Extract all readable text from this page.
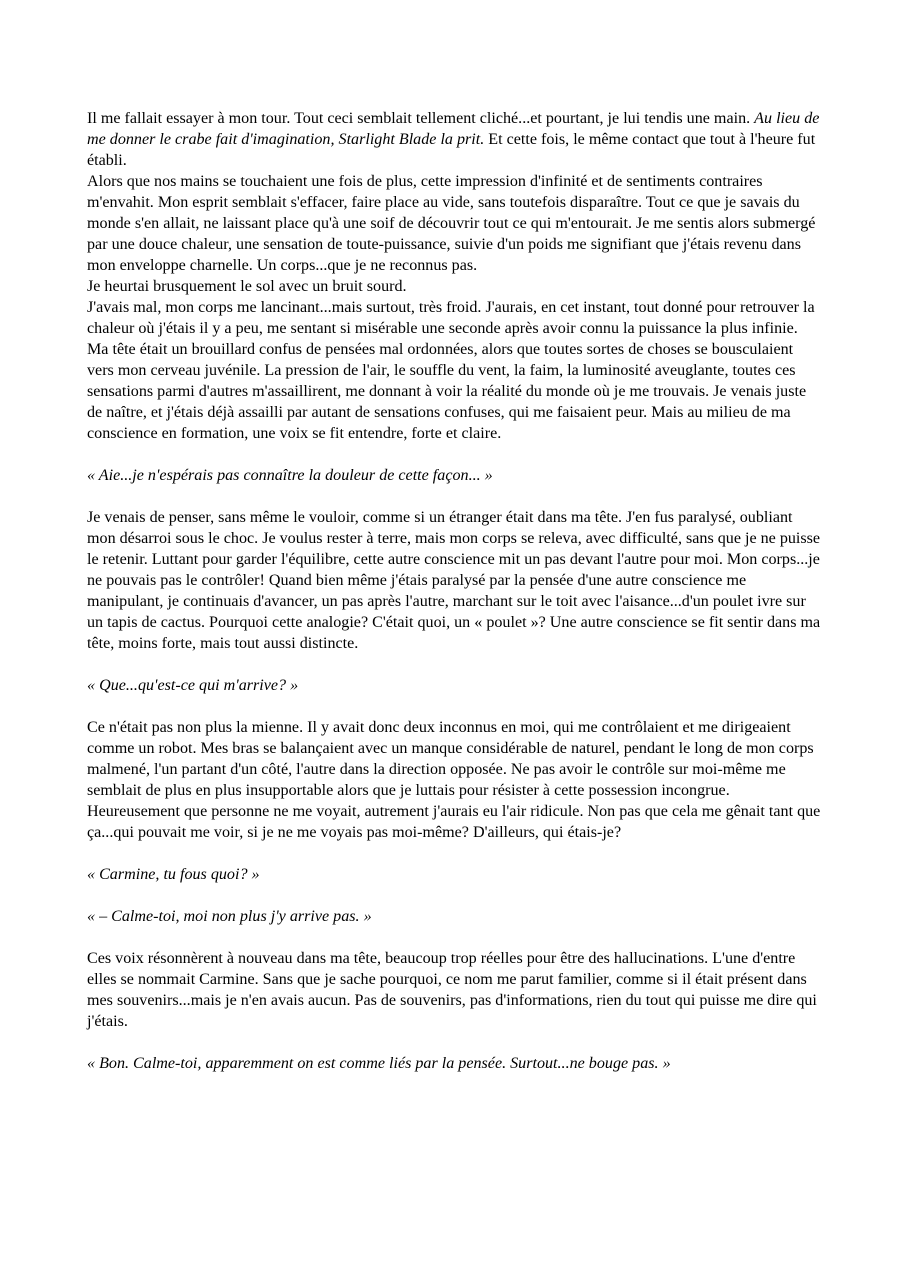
Il me fallait essayer à mon tour. Tout ceci semblait tellement cliché...et pourtant, je lui tendis une main. Au lieu de me donner le crabe fait d'imagination, Starlight Blade la prit. Et cette fois, le même contact que tout à l'heure fut établi.

Alors que nos mains se touchaient une fois de plus, cette impression d'infinité et de sentiments contraires m'envahit. Mon esprit semblait s'effacer, faire place au vide, sans toutefois disparaître. Tout ce que je savais du monde s'en allait, ne laissant place qu'à une soif de découvrir tout ce qui m'entourait. Je me sentis alors submergé par une douce chaleur, une sensation de toute-puissance, suivie d'un poids me signifiant que j'étais revenu dans mon enveloppe charnelle. Un corps...que je ne reconnus pas.

Je heurtai brusquement le sol avec un bruit sourd.

J'avais mal, mon corps me lancinant...mais surtout, très froid. J'aurais, en cet instant, tout donné pour retrouver la chaleur où j'étais il y a peu, me sentant si misérable une seconde après avoir connu la puissance la plus infinie. Ma tête était un brouillard confus de pensées mal ordonnées, alors que toutes sortes de choses se bousculaient vers mon cerveau juvénile. La pression de l'air, le souffle du vent, la faim, la luminosité aveuglante, toutes ces sensations parmi d'autres m'assaillirent, me donnant à voir la réalité du monde où je me trouvais. Je venais juste de naître, et j'étais déjà assailli par autant de sensations confuses, qui me faisaient peur. Mais au milieu de ma conscience en formation, une voix se fit entendre, forte et claire.

« Aie...je n'espérais pas connaître la douleur de cette façon... »

Je venais de penser, sans même le vouloir, comme si un étranger était dans ma tête. J'en fus paralysé, oubliant mon désarroi sous le choc. Je voulus rester à terre, mais mon corps se releva, avec difficulté, sans que je ne puisse le retenir. Luttant pour garder l'équilibre, cette autre conscience mit un pas devant l'autre pour moi. Mon corps...je ne pouvais pas le contrôler! Quand bien même j'étais paralysé par la pensée d'une autre conscience me manipulant, je continuais d'avancer, un pas après l'autre, marchant sur le toit avec l'aisance...d'un poulet ivre sur un tapis de cactus. Pourquoi cette analogie? C'était quoi, un « poulet »? Une autre conscience se fit sentir dans ma tête, moins forte, mais tout aussi distincte.

« Que...qu'est-ce qui m'arrive? »

Ce n'était pas non plus la mienne. Il y avait donc deux inconnus en moi, qui me contrôlaient et me dirigeaient comme un robot. Mes bras se balançaient avec un manque considérable de naturel, pendant le long de mon corps malmené, l'un partant d'un côté, l'autre dans la direction opposée. Ne pas avoir le contrôle sur moi-même me semblait de plus en plus insupportable alors que je luttais pour résister à cette possession incongrue. Heureusement que personne ne me voyait, autrement j'aurais eu l'air ridicule. Non pas que cela me gênait tant que ça...qui pouvait me voir, si je ne me voyais pas moi-même? D'ailleurs, qui étais-je?

« Carmine, tu fous quoi? »

« – Calme-toi, moi non plus j'y arrive pas. »

Ces voix résonnèrent à nouveau dans ma tête, beaucoup trop réelles pour être des hallucinations. L'une d'entre elles se nommait Carmine. Sans que je sache pourquoi, ce nom me parut familier, comme si il était présent dans mes souvenirs...mais je n'en avais aucun. Pas de souvenirs, pas d'informations, rien du tout qui puisse me dire qui j'étais.

« Bon. Calme-toi, apparemment on est comme liés par la pensée. Surtout...ne bouge pas. »
